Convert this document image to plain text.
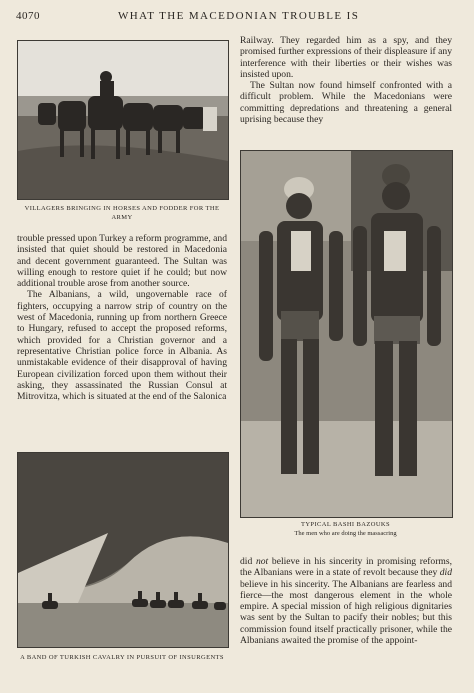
4070	WHAT THE MACEDONIAN TROUBLE IS
VILLAGERS BRINGING IN HORSES AND FODDER FOR THE ARMY

Railway. They regarded him as a spy, and they promised further expressions of their displeasure if any interference with their liberties or their wishes was insisted upon.

The Sultan now found himself confronted with a difficult problem. While the Macedonians were committing depredations and threatening a general uprising because they

TYPICAL BASHI BAZOUKS
The men who are doing the massacring

trouble pressed upon Turkey a reform programme, and insisted that quiet should be restored in Macedonia and decent government guaranteed. The Sultan was willing enough to restore quiet if he could; but now additional trouble arose from another source.

The Albanians, a wild, ungovernable race of fighters, occupying a narrow strip of country on the west of Macedonia, running up from northern Greece to Hungary, refused to accept the proposed reforms, which provided for a Christian governor and a representative Christian police force in Albania. As unmistakable evidence of their disapproval of having European civilization forced upon them without their asking, they assassinated the Russian Consul at Mitrovitza, which is situated at the end of the Salonica

A BAND OF TURKISH CAVALRY IN PURSUIT OF INSURGENTS

did not believe in his sincerity in promising reforms, the Albanians were in a state of revolt because they did believe in his sincerity. The Albanians are fearless and fierce—the most dangerous element in the whole empire. A special mission of high religious dignitaries was sent by the Sultan to pacify their nobles; but this commission found itself practically prisoner, while the Albanians awaited the promise of the appoint-
